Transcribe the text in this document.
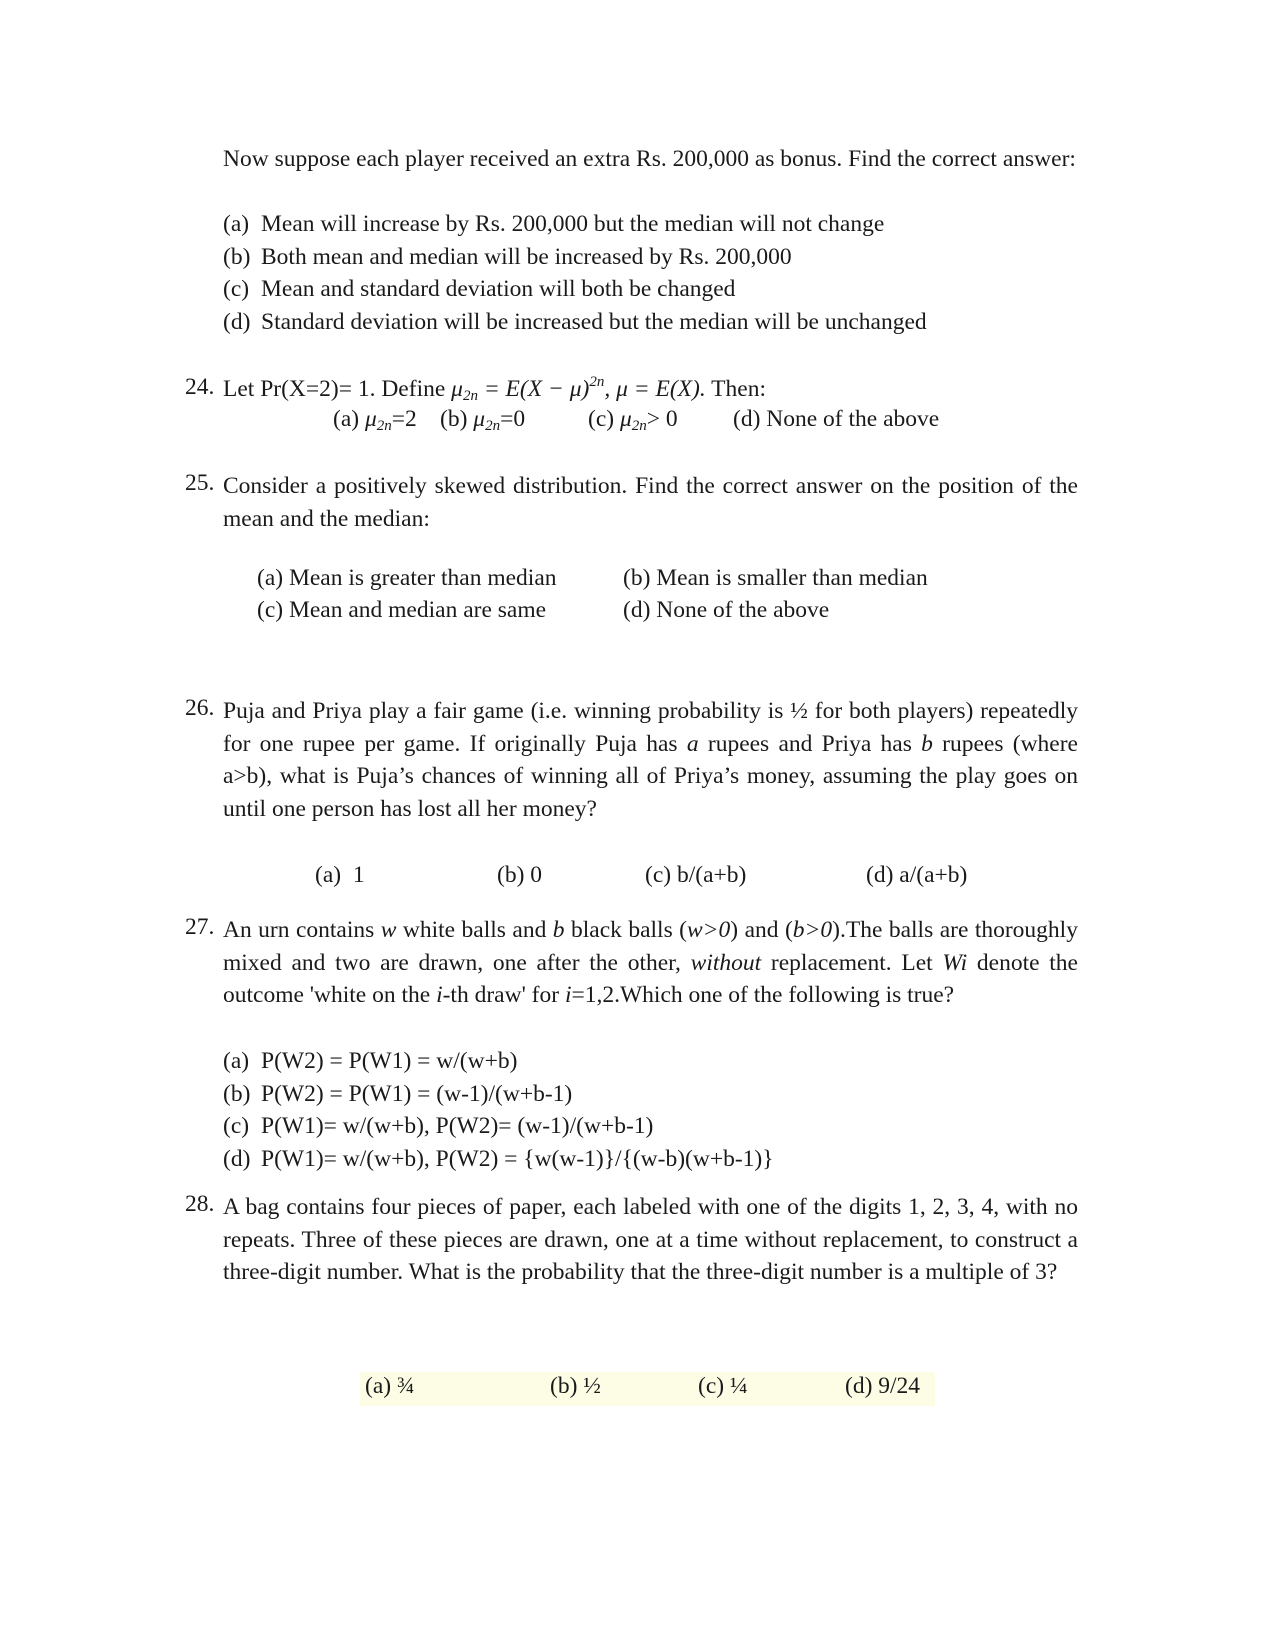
Now suppose each player received an extra Rs. 200,000 as bonus. Find the correct answer:
(a) Mean will increase by Rs. 200,000 but the median will not change
(b) Both mean and median will be increased by Rs. 200,000
(c) Mean and standard deviation will both be changed
(d) Standard deviation will be increased but the median will be unchanged
24. Let Pr(X=2)= 1. Define $\mu_{2n} = E(X - \mu)^{2n}$, μ = E(X). Then:
(a) $\mu_{2n}=2$ (b) $\mu_{2n}=0$	(c) $\mu_{2n}> 0$ (d) None of the above
25. Consider a positively skewed distribution. Find the correct answer on the position of the mean and the median:
(a) Mean is greater than median	(b) Mean is smaller than median
(c) Mean and median are same	(d) None of the above
26. Puja and Priya play a fair game (i.e. winning probability is ½ for both players) repeatedly for one rupee per game. If originally Puja has a rupees and Priya has b rupees (where a>b), what is Puja’s chances of winning all of Priya’s money, assuming the play goes on until one person has lost all her money?
(a) 1	(b) 0	(c) b/(a+b)	(d) a/(a+b)
27. An urn contains w white balls and b black balls (w>0) and (b>0).The balls are thoroughly mixed and two are drawn, one after the other, without replacement. Let Wi denote the outcome 'white on the i-th draw' for i=1,2.Which one of the following is true?
(a) P(W2) = P(W1) = w/(w+b)
(b) P(W2) = P(W1) = (w-1)/(w+b-1)
(c) P(W1)= w/(w+b), P(W2)= (w-1)/(w+b-1)
(d) P(W1)= w/(w+b), P(W2) = {w(w-1)}/{(w-b)(w+b-1)}
28. A bag contains four pieces of paper, each labeled with one of the digits 1, 2, 3, 4, with no repeats. Three of these pieces are drawn, one at a time without replacement, to construct a three-digit number. What is the probability that the three-digit number is a multiple of 3?
(a) ¾	(b) ½	(c) ¼	(d) 9/24
